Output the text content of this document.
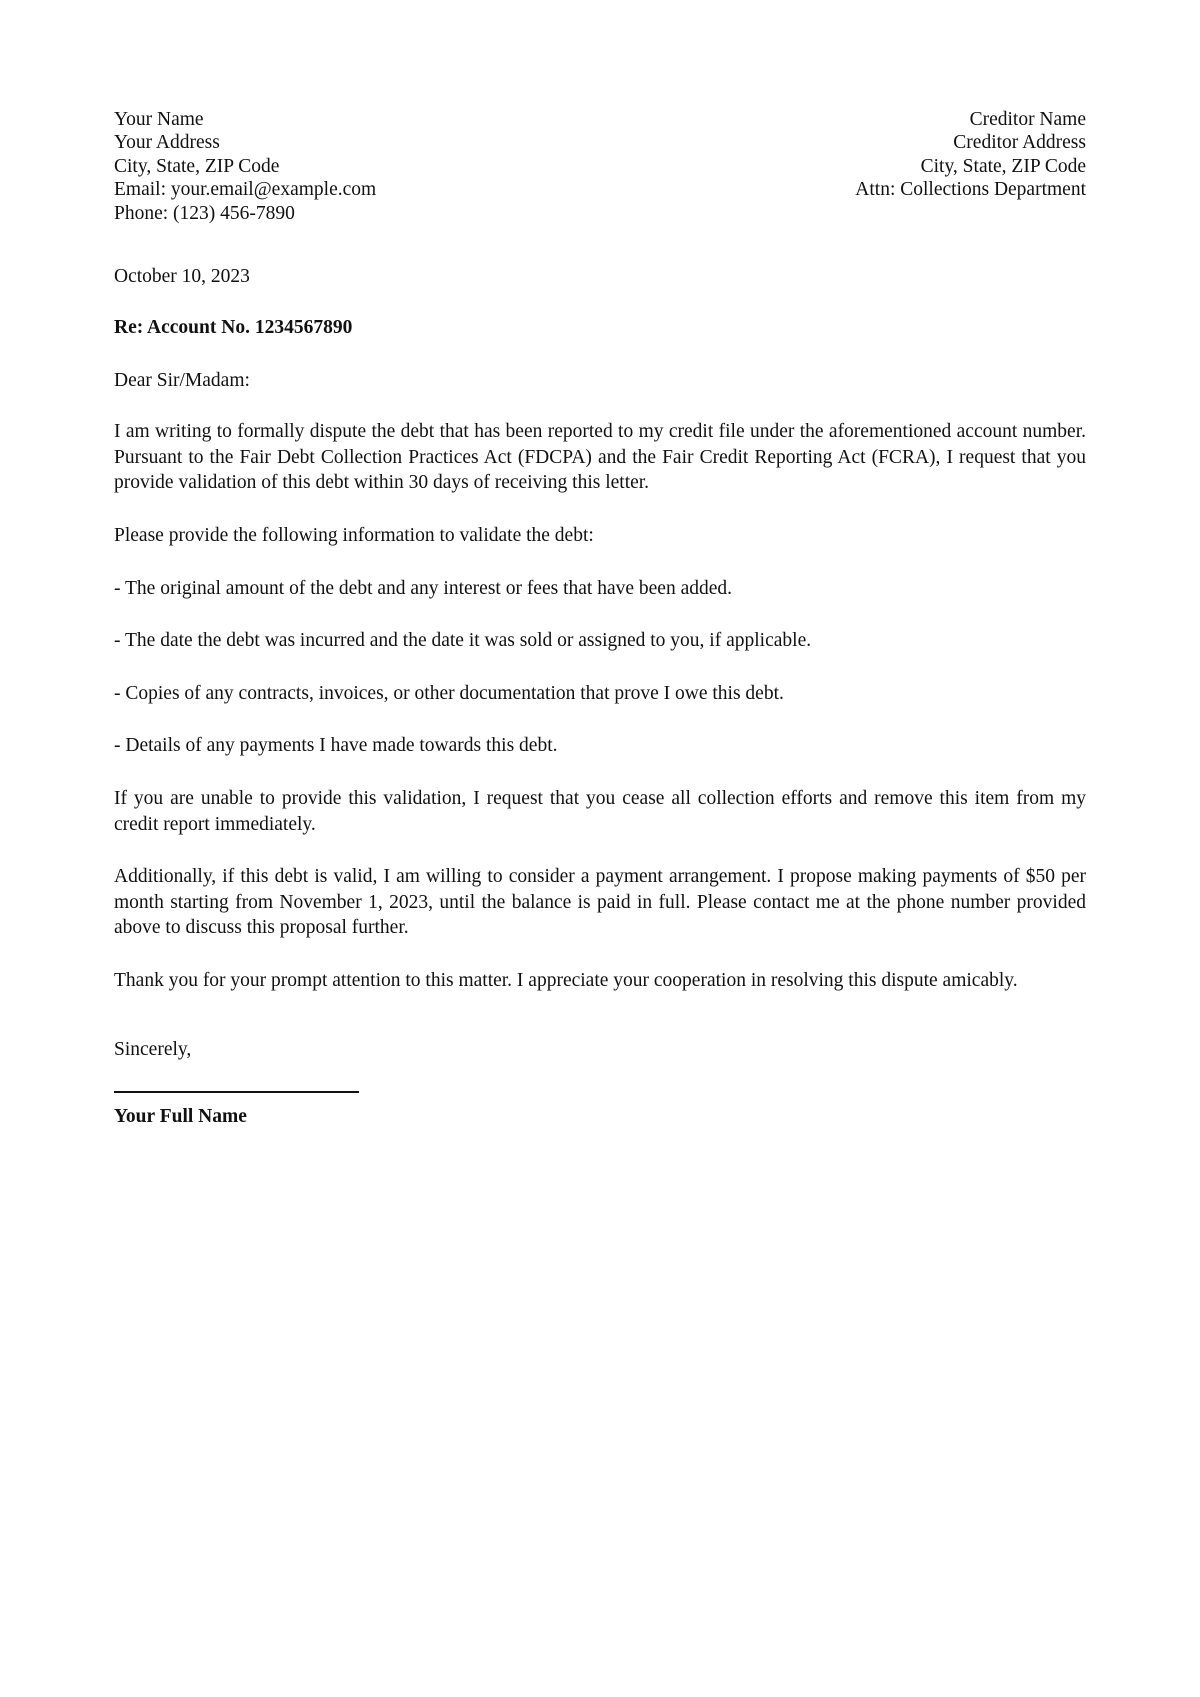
Your Name
Your Address
City, State, ZIP Code
Email: your.email@example.com
Phone: (123) 456-7890
Creditor Name
Creditor Address
City, State, ZIP Code
Attn: Collections Department
October 10, 2023
Re: Account No. 1234567890
Dear Sir/Madam:

I am writing to formally dispute the debt that has been reported to my credit file under the aforementioned account number. Pursuant to the Fair Debt Collection Practices Act (FDCPA) and the Fair Credit Reporting Act (FCRA), I request that you provide validation of this debt within 30 days of receiving this letter.

Please provide the following information to validate the debt:

- The original amount of the debt and any interest or fees that have been added.

- The date the debt was incurred and the date it was sold or assigned to you, if applicable.

- Copies of any contracts, invoices, or other documentation that prove I owe this debt.

- Details of any payments I have made towards this debt.

If you are unable to provide this validation, I request that you cease all collection efforts and remove this item from my credit report immediately.

Additionally, if this debt is valid, I am willing to consider a payment arrangement. I propose making payments of $50 per month starting from November 1, 2023, until the balance is paid in full. Please contact me at the phone number provided above to discuss this proposal further.

Thank you for your prompt attention to this matter. I appreciate your cooperation in resolving this dispute amicably.

Sincerely,
Your Full Name
